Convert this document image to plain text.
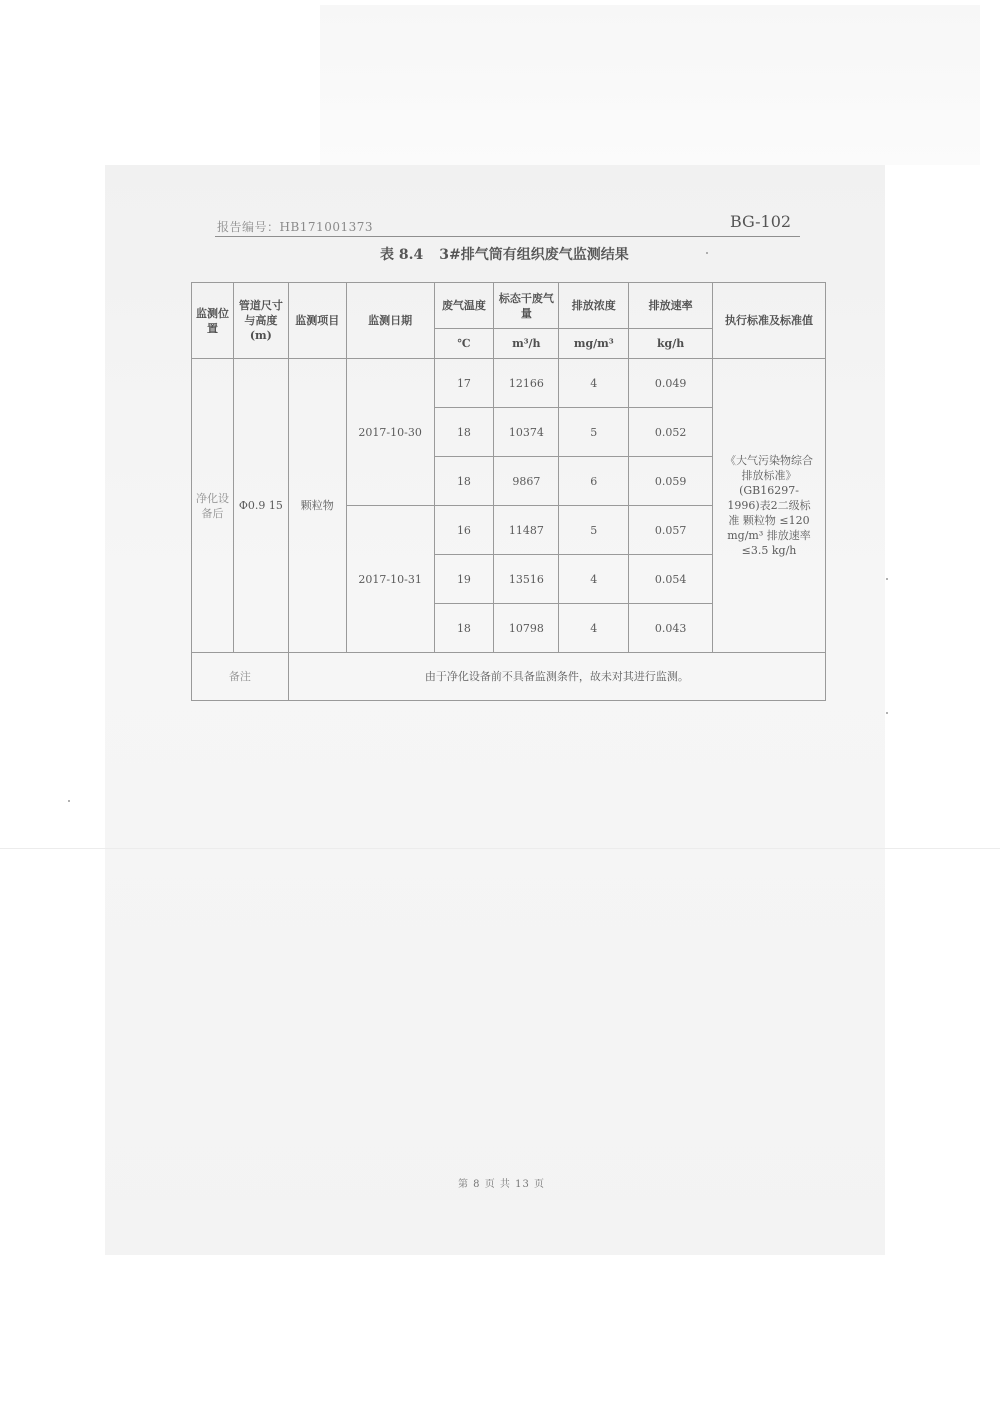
报告编号：HB171001373	BG-102
表 8.4 3#排气筒有组织废气监测结果
监测位置	管道尺寸与高度(m)	监测项目	监测日期	废气温度	标态干废气量	排放浓度	排放速率	执行标准及标准值
				℃	m³/h	mg/m³	kg/h	
净化设备后	Φ0.9 15	颗粒物	2017-10-30	17	12166	4	0.049	《大气污染物综合排放标准》(GB16297-1996)表2二级标准 颗粒物 ≤120 mg/m³ 排放速率 ≤3.5 kg/h
				18	10374	5	0.052	
				18	9867	6	0.059	
			2017-10-31	16	11487	5	0.057	
				19	13516	4	0.054	
				18	10798	4	0.043	
备注		由于净化设备前不具备监测条件，故未对其进行监测。						
第 8 页 共 13 页
